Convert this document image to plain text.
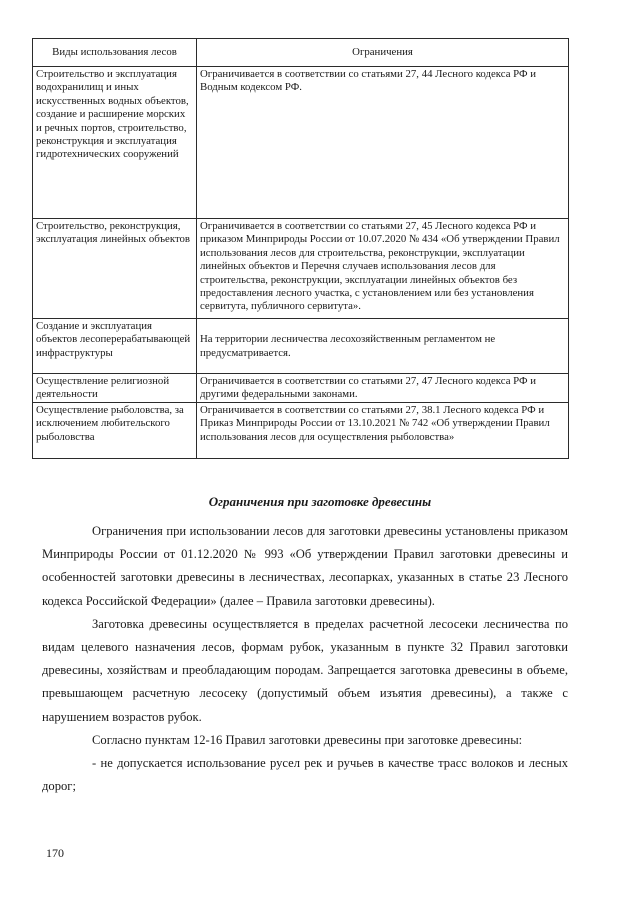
Виды использования лесов	Ограничения
Строительство и эксплуатация водохранилищ и иных искусственных водных объектов, создание и расширение морских и речных портов, строительство, реконструкция и эксплуатация гидротехнических сооружений	Ограничивается в соответствии со статьями 27, 44 Лесного кодекса РФ и Водным кодексом РФ.
Строительство, реконструкция, эксплуатация линейных объектов	Ограничивается в соответствии со статьями 27, 45 Лесного кодекса РФ и приказом Минприроды России от 10.07.2020 № 434 «Об утверждении Правил использования лесов для строительства, реконструкции, эксплуатации линейных объектов и Перечня случаев использования лесов для строительства, реконструкции, эксплуатации линейных объектов без предоставления лесного участка, с установлением или без установления сервитута, публичного сервитута».
Создание и эксплуатация объектов лесоперерабатывающей инфраструктуры	На территории лесничества лесохозяйственным регламентом не предусматривается.
Осуществление религиозной деятельности	Ограничивается в соответствии со статьями 27, 47 Лесного кодекса РФ и другими федеральными законами.
Осуществление рыболовства, за исключением любительского рыболовства	Ограничивается в соответствии со статьями 27, 38.1 Лесного кодекса РФ и Приказ Минприроды России от 13.10.2021 № 742 «Об утверждении Правил использования лесов для осуществления рыболовства»
Ограничения при заготовке древесины

Ограничения при использовании лесов для заготовки древесины установлены приказом Минприроды России от 01.12.2020 № 993 «Об утверждении Правил заготовки древесины и особенностей заготовки древесины в лесничествах, лесопарках, указанных в статье 23 Лесного кодекса Российской Федерации» (далее – Правила заготовки древесины).

Заготовка древесины осуществляется в пределах расчетной лесосеки лесничества по видам целевого назначения лесов, формам рубок, указанным в пункте 32 Правил заготовки древесины, хозяйствам и преобладающим породам. Запрещается заготовка древесины в объеме, превышающем расчетную лесосеку (допустимый объем изъятия древесины), а также с нарушением возрастов рубок.

Согласно пунктам 12-16 Правил заготовки древесины при заготовке древесины:

- не допускается использование русел рек и ручьев в качестве трасс волоков и лесных дорог;

170
